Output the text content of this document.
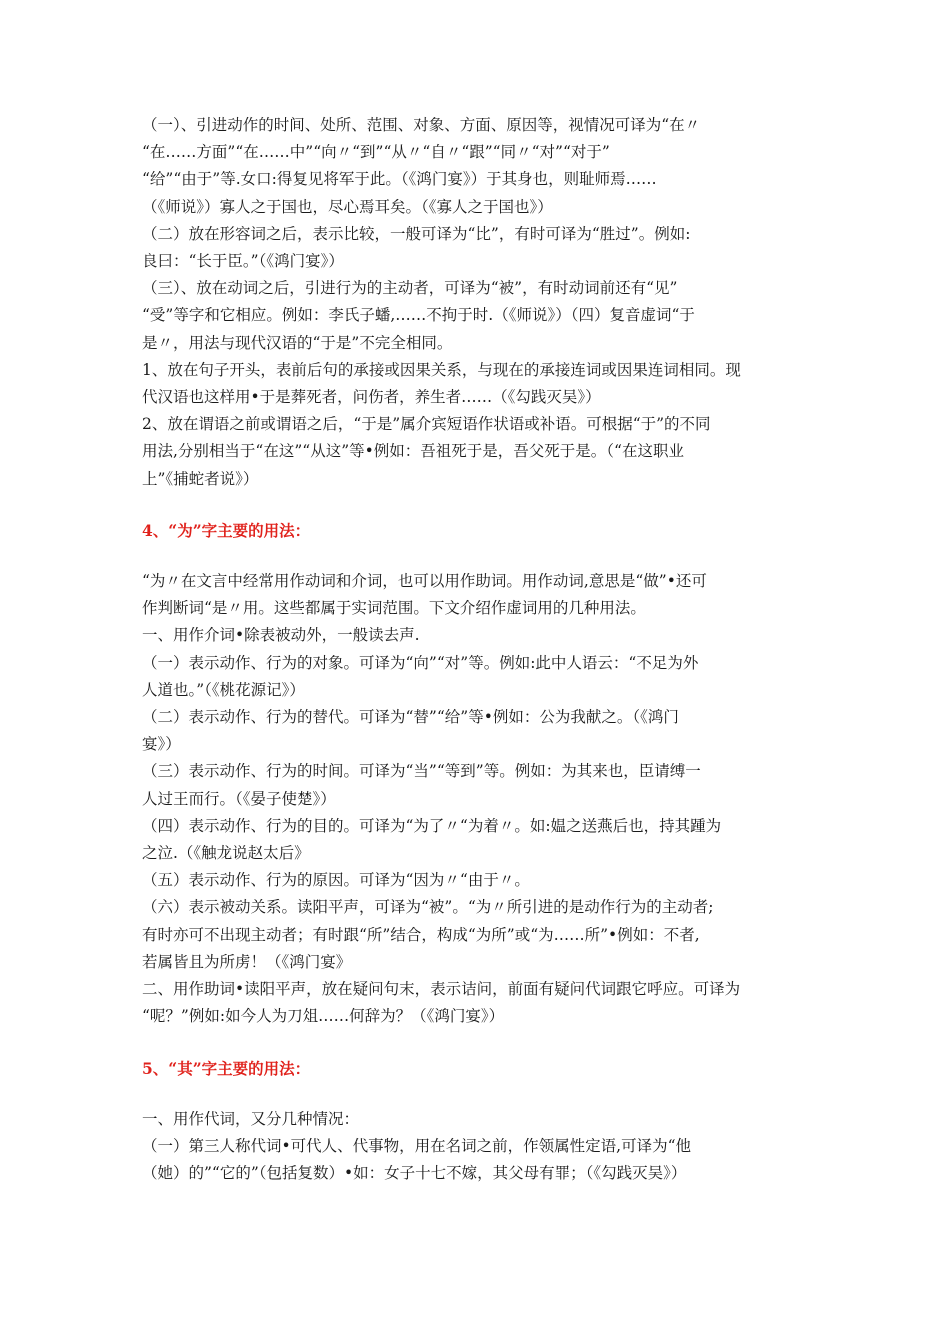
（一）、引进动作的时间、处所、范围、对象、方面、原因等，视情况可译为“在〃

“在……方面”“在……中”“向〃“到”“从〃“自〃“跟”“同〃“对”“对于”

“给”“由于”等.女口:得复见将军于此。（《鸿门宴》）于其身也，则耻师焉……

（《师说》）寡人之于国也，尽心焉耳矣。（《寡人之于国也》）

（二）放在形容词之后，表示比较，一般可译为“比”，有时可译为“胜过”。例如:

良曰：“长于臣。”（《鸿门宴》）

（三）、放在动词之后，引进行为的主动者，可译为“被”，有时动词前还有“见”

“受”等字和它相应。例如：李氏子蟠,……不拘于时.（《师说》）（四）复音虚词“于

是〃，用法与现代汉语的“于是”不完全相同。

1、放在句子开头，表前后句的承接或因果关系，与现在的承接连词或因果连词相同。现

代汉语也这样用•于是葬死者，问伤者，养生者……（《勾践灭吴》）

2、放在谓语之前或谓语之后，“于是”属介宾短语作状语或补语。可根据“于”的不同

用法,分别相当于“在这”“从这”等•例如：吾祖死于是，吾父死于是。（“在这职业

上”《捕蛇者说》）

4、“为”字主要的用法：

“为〃在文言中经常用作动词和介词，也可以用作助词。用作动词,意思是“做”•还可

作判断词“是〃用。这些都属于实词范围。下文介绍作虚词用的几种用法。

一、用作介词•除表被动外，一般读去声.

（一）表示动作、行为的对象。可译为“向”“对”等。例如:此中人语云：“不足为外

人道也。”（《桃花源记》）

（二）表示动作、行为的替代。可译为“替”“给”等•例如：公为我献之。（《鸿门

宴》）

（三）表示动作、行为的时间。可译为“当”“等到”等。例如：为其来也，臣请缚一

人过王而行。（《晏子使楚》）

（四）表示动作、行为的目的。可译为“为了〃“为着〃。如:媪之送燕后也，持其踵为

之泣.（《触龙说赵太后》

（五）表示动作、行为的原因。可译为“因为〃“由于〃。

（六）表示被动关系。读阳平声，可译为“被”。“为〃所引进的是动作行为的主动者;

有时亦可不出现主动者；有时跟“所”结合，构成“为所”或“为……所”•例如：不者,

若属皆且为所虏！（《鸿门宴》

二、用作助词•读阳平声，放在疑问句末，表示诘问，前面有疑问代词跟它呼应。可译为

“呢？”例如:如今人为刀俎……何辞为？（《鸿门宴》）

5、“其”字主要的用法：

一、用作代词，又分几种情况：

（一）第三人称代词•可代人、代事物，用在名词之前，作领属性定语,可译为“他

（她）的”“它的”（包括复数）•如：女子十七不嫁，其父母有罪；（《勾践灭吴》）
